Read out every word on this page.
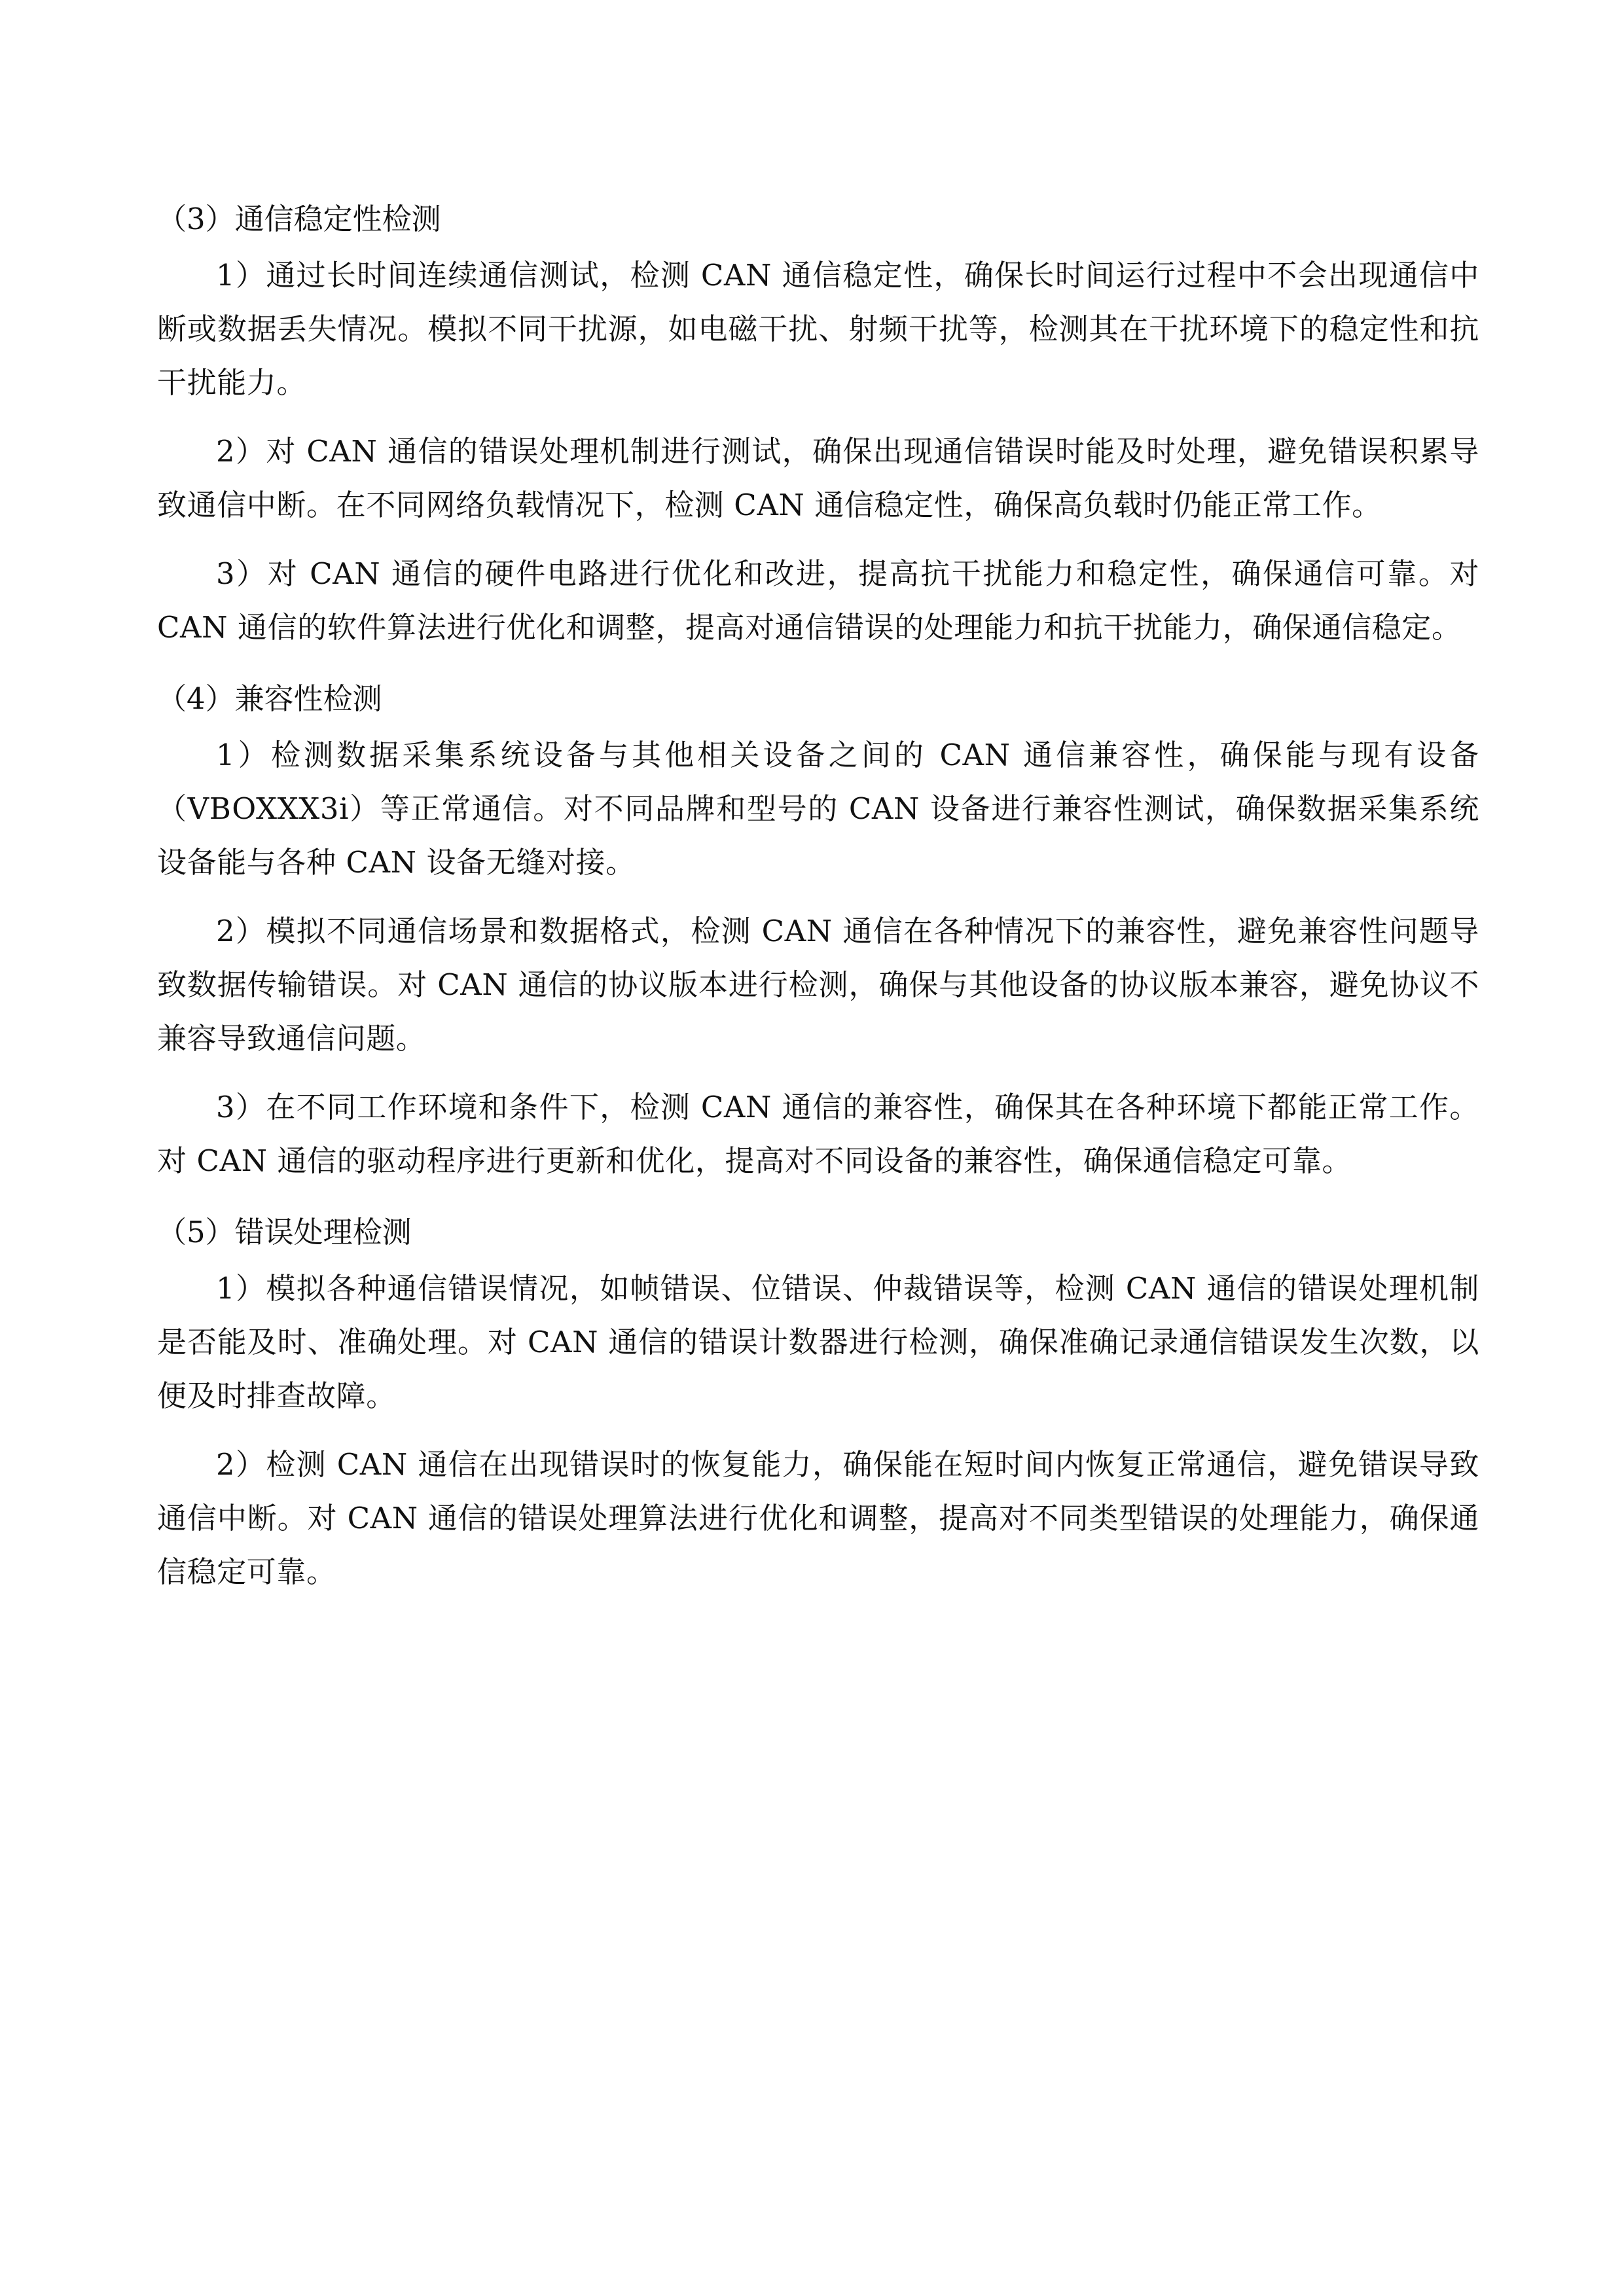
（3）通信稳定性检测

1）通过长时间连续通信测试，检测 CAN 通信稳定性，确保长时间运行过程中不会出现通信中断或数据丢失情况。模拟不同干扰源，如电磁干扰、射频干扰等，检测其在干扰环境下的稳定性和抗干扰能力。

2）对 CAN 通信的错误处理机制进行测试，确保出现通信错误时能及时处理，避免错误积累导致通信中断。在不同网络负载情况下，检测 CAN 通信稳定性，确保高负载时仍能正常工作。

3）对 CAN 通信的硬件电路进行优化和改进，提高抗干扰能力和稳定性，确保通信可靠。对 CAN 通信的软件算法进行优化和调整，提高对通信错误的处理能力和抗干扰能力，确保通信稳定。

（4）兼容性检测

1）检测数据采集系统设备与其他相关设备之间的 CAN 通信兼容性，确保能与现有设备（VBOXXX3i）等正常通信。对不同品牌和型号的 CAN 设备进行兼容性测试，确保数据采集系统设备能与各种 CAN 设备无缝对接。

2）模拟不同通信场景和数据格式，检测 CAN 通信在各种情况下的兼容性，避免兼容性问题导致数据传输错误。对 CAN 通信的协议版本进行检测，确保与其他设备的协议版本兼容，避免协议不兼容导致通信问题。

3）在不同工作环境和条件下，检测 CAN 通信的兼容性，确保其在各种环境下都能正常工作。对 CAN 通信的驱动程序进行更新和优化，提高对不同设备的兼容性，确保通信稳定可靠。

（5）错误处理检测

1）模拟各种通信错误情况，如帧错误、位错误、仲裁错误等，检测 CAN 通信的错误处理机制是否能及时、准确处理。对 CAN 通信的错误计数器进行检测，确保准确记录通信错误发生次数，以便及时排查故障。

2）检测 CAN 通信在出现错误时的恢复能力，确保能在短时间内恢复正常通信，避免错误导致通信中断。对 CAN 通信的错误处理算法进行优化和调整，提高对不同类型错误的处理能力，确保通信稳定可靠。
